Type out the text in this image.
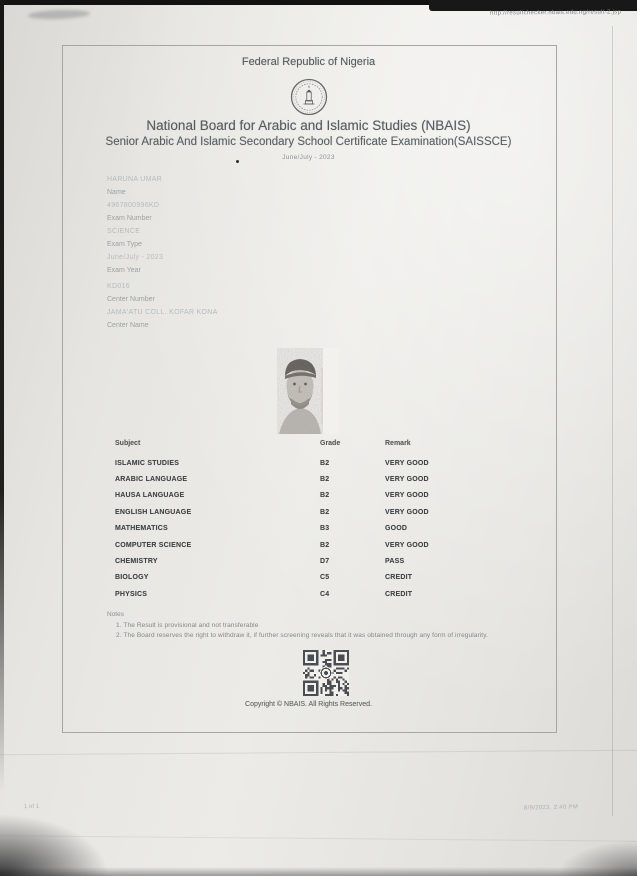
http://resultchecker.nbais.edu.ng/result-2.jsp
Federal Republic of Nigeria
National Board for Arabic and Islamic Studies (NBAIS)
Senior Arabic And Islamic Secondary School Certificate Examination(SAISSCE)
June/July - 2023
HARUNA UMAR
Name
4967800996KD
Exam Number
SCIENCE
Exam Type
June/July - 2023
Exam Year
KD016
Center Number
JAMA'ATU COLL. KOFAR KONA
Center Name
Subject	Grade	Remark
ISLAMIC STUDIES	B2	VERY GOOD
ARABIC LANGUAGE	B2	VERY GOOD
HAUSA LANGUAGE	B2	VERY GOOD
ENGLISH LANGUAGE	B2	VERY GOOD
MATHEMATICS	B3	GOOD
COMPUTER SCIENCE	B2	VERY GOOD
CHEMISTRY	D7	PASS
BIOLOGY	C5	CREDIT
PHYSICS	C4	CREDIT
Notes
1. The Result is provisional and not transferable
2. The Board reserves the right to withdraw it, if further screening reveals that it was obtained through any form of irregularity.
Copyright © NBAIS. All Rights Reserved.
1 of 1	8/9/2023, 2:40 PM
